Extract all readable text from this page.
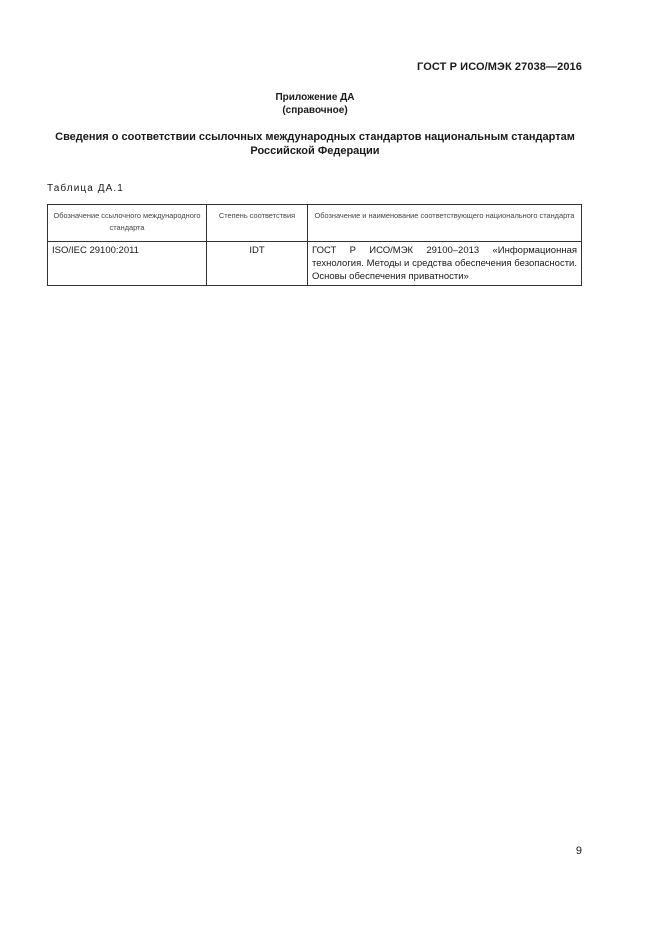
ГОСТ Р ИСО/МЭК 27038—2016
Приложение ДА
(справочное)
Сведения о соответствии ссылочных международных стандартов национальным стандартам
Российской Федерации
Таблица ДА.1
Обозначение ссылочного международного стандарта	Степень соответствия	Обозначение и наименование соответствующего национального стандарта
ISO/IEC 29100:2011	IDT	ГОСТ Р ИСО/МЭК 29100–2013 «Информационная технология. Методы и средства обеспечения безопасности. Основы обеспечения приватности»
9
